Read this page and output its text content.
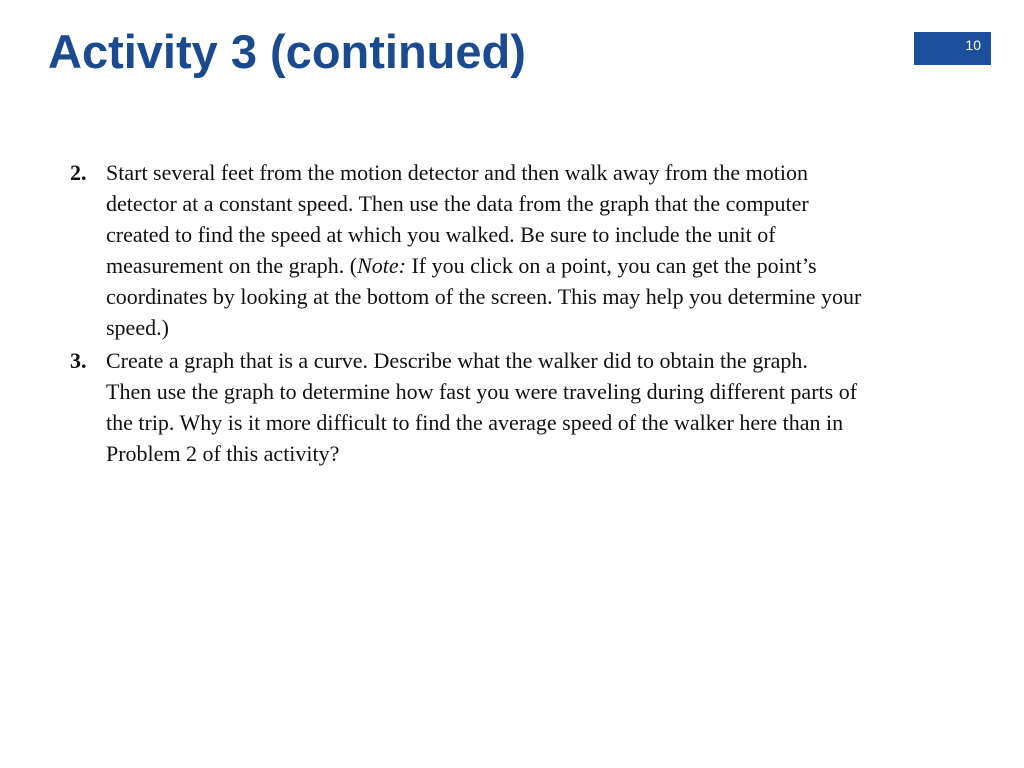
Activity 3 (continued)	10
2. Start several feet from the motion detector and then walk away from the motion
detector at a constant speed. Then use the data from the graph that the computer
created to find the speed at which you walked. Be sure to include the unit of
measurement on the graph. (Note: If you click on a point, you can get the point’s
coordinates by looking at the bottom of the screen. This may help you determine your
speed.)
3. Create a graph that is a curve. Describe what the walker did to obtain the graph.
Then use the graph to determine how fast you were traveling during different parts of
the trip. Why is it more difficult to find the average speed of the walker here than in
Problem 2 of this activity?
